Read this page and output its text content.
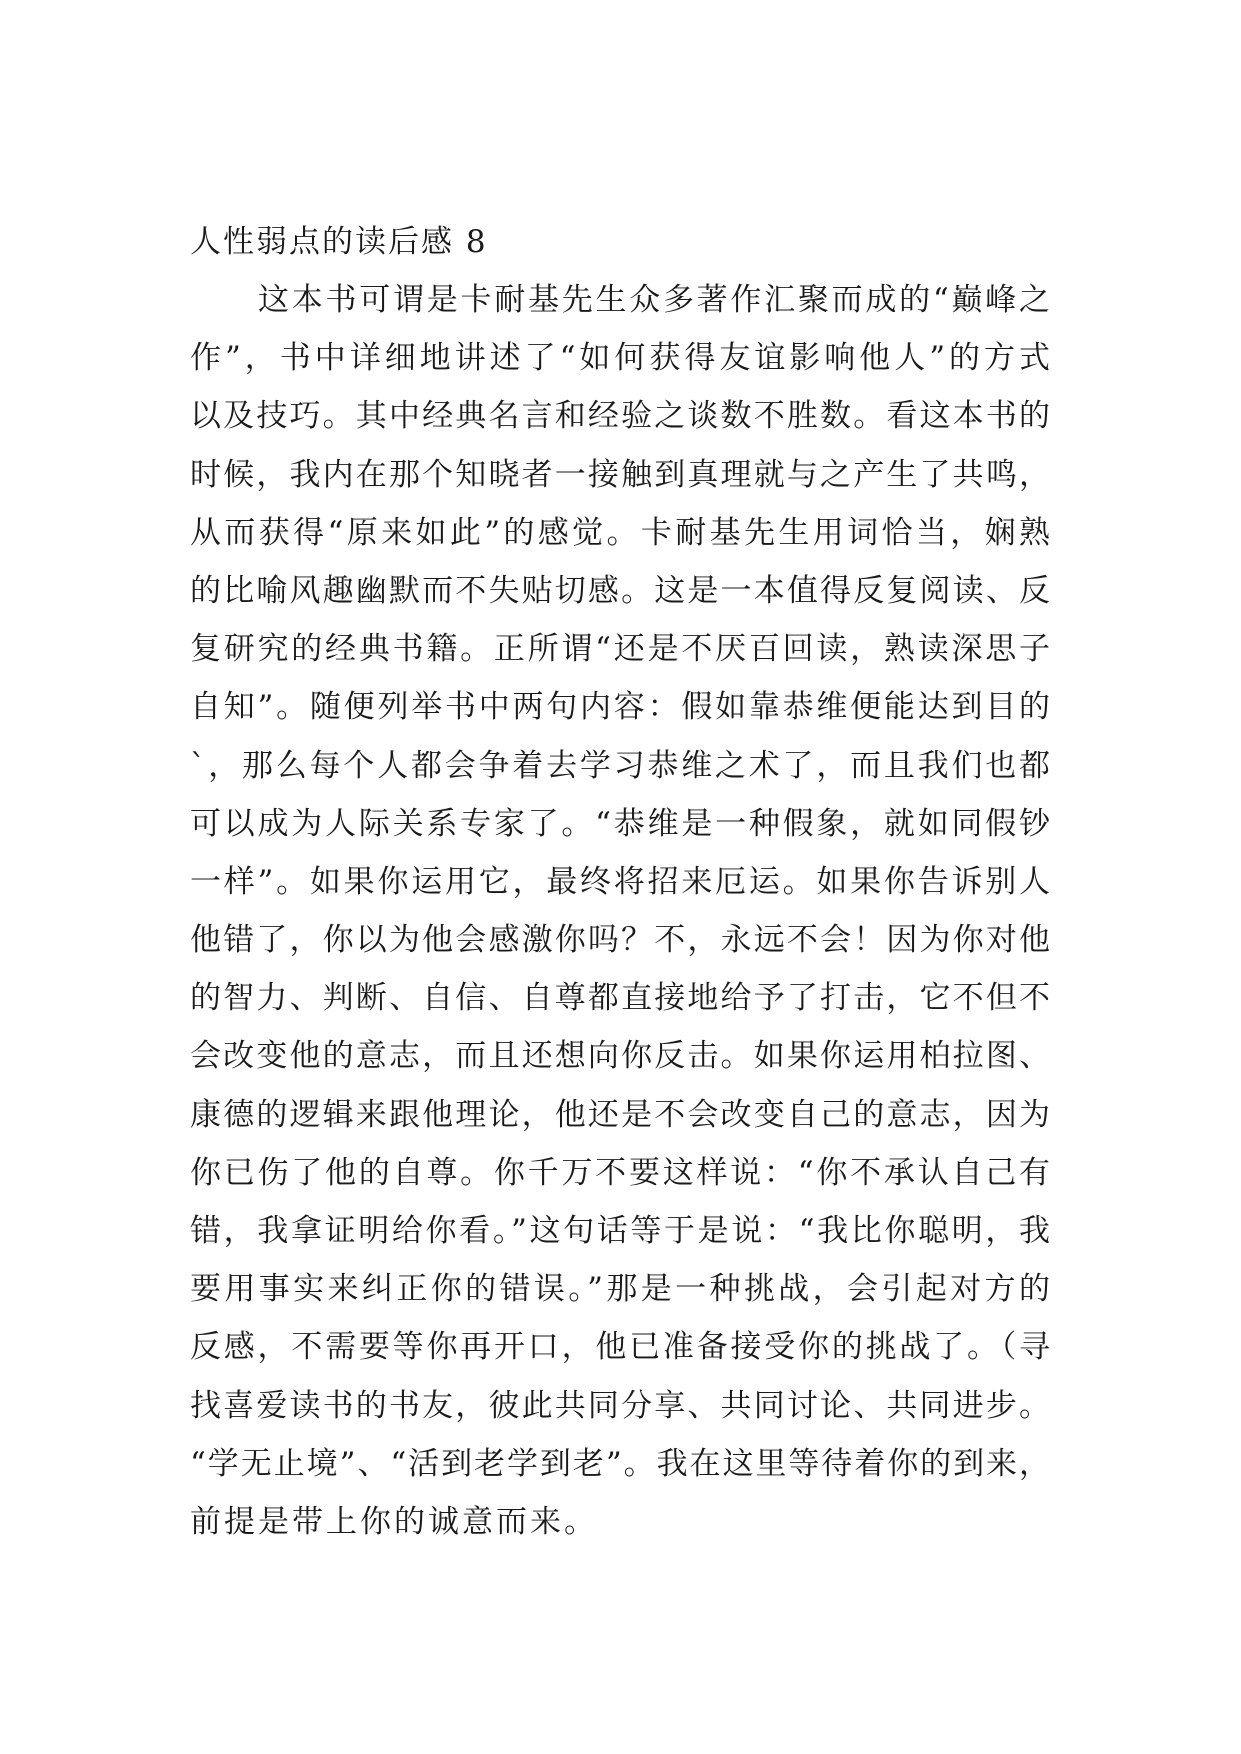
人性弱点的读后感 8
这本书可谓是卡耐基先生众多著作汇聚而成的“巅峰之
作”，书中详细地讲述了“如何获得友谊影响他人”的方式
以及技巧。其中经典名言和经验之谈数不胜数。看这本书的
时候，我内在那个知晓者一接触到真理就与之产生了共鸣，
从而获得“原来如此”的感觉。卡耐基先生用词恰当，娴熟
的比喻风趣幽默而不失贴切感。这是一本值得反复阅读、反
复研究的经典书籍。正所谓“还是不厌百回读，熟读深思子
自知”。随便列举书中两句内容：假如靠恭维便能达到目的
`，那么每个人都会争着去学习恭维之术了，而且我们也都
可以成为人际关系专家了。“恭维是一种假象，就如同假钞
一样”。如果你运用它，最终将招来厄运。如果你告诉别人
他错了，你以为他会感激你吗？不，永远不会！因为你对他
的智力、判断、自信、自尊都直接地给予了打击，它不但不
会改变他的意志，而且还想向你反击。如果你运用柏拉图、
康德的逻辑来跟他理论，他还是不会改变自己的意志，因为
你已伤了他的自尊。你千万不要这样说：“你不承认自己有
错，我拿证明给你看。”这句话等于是说：“我比你聪明，我
要用事实来纠正你的错误。”那是一种挑战，会引起对方的
反感，不需要等你再开口，他已准备接受你的挑战了。（寻
找喜爱读书的书友，彼此共同分享、共同讨论、共同进步。
“学无止境”、“活到老学到老”。我在这里等待着你的到来，
前提是带上你的诚意而来。
